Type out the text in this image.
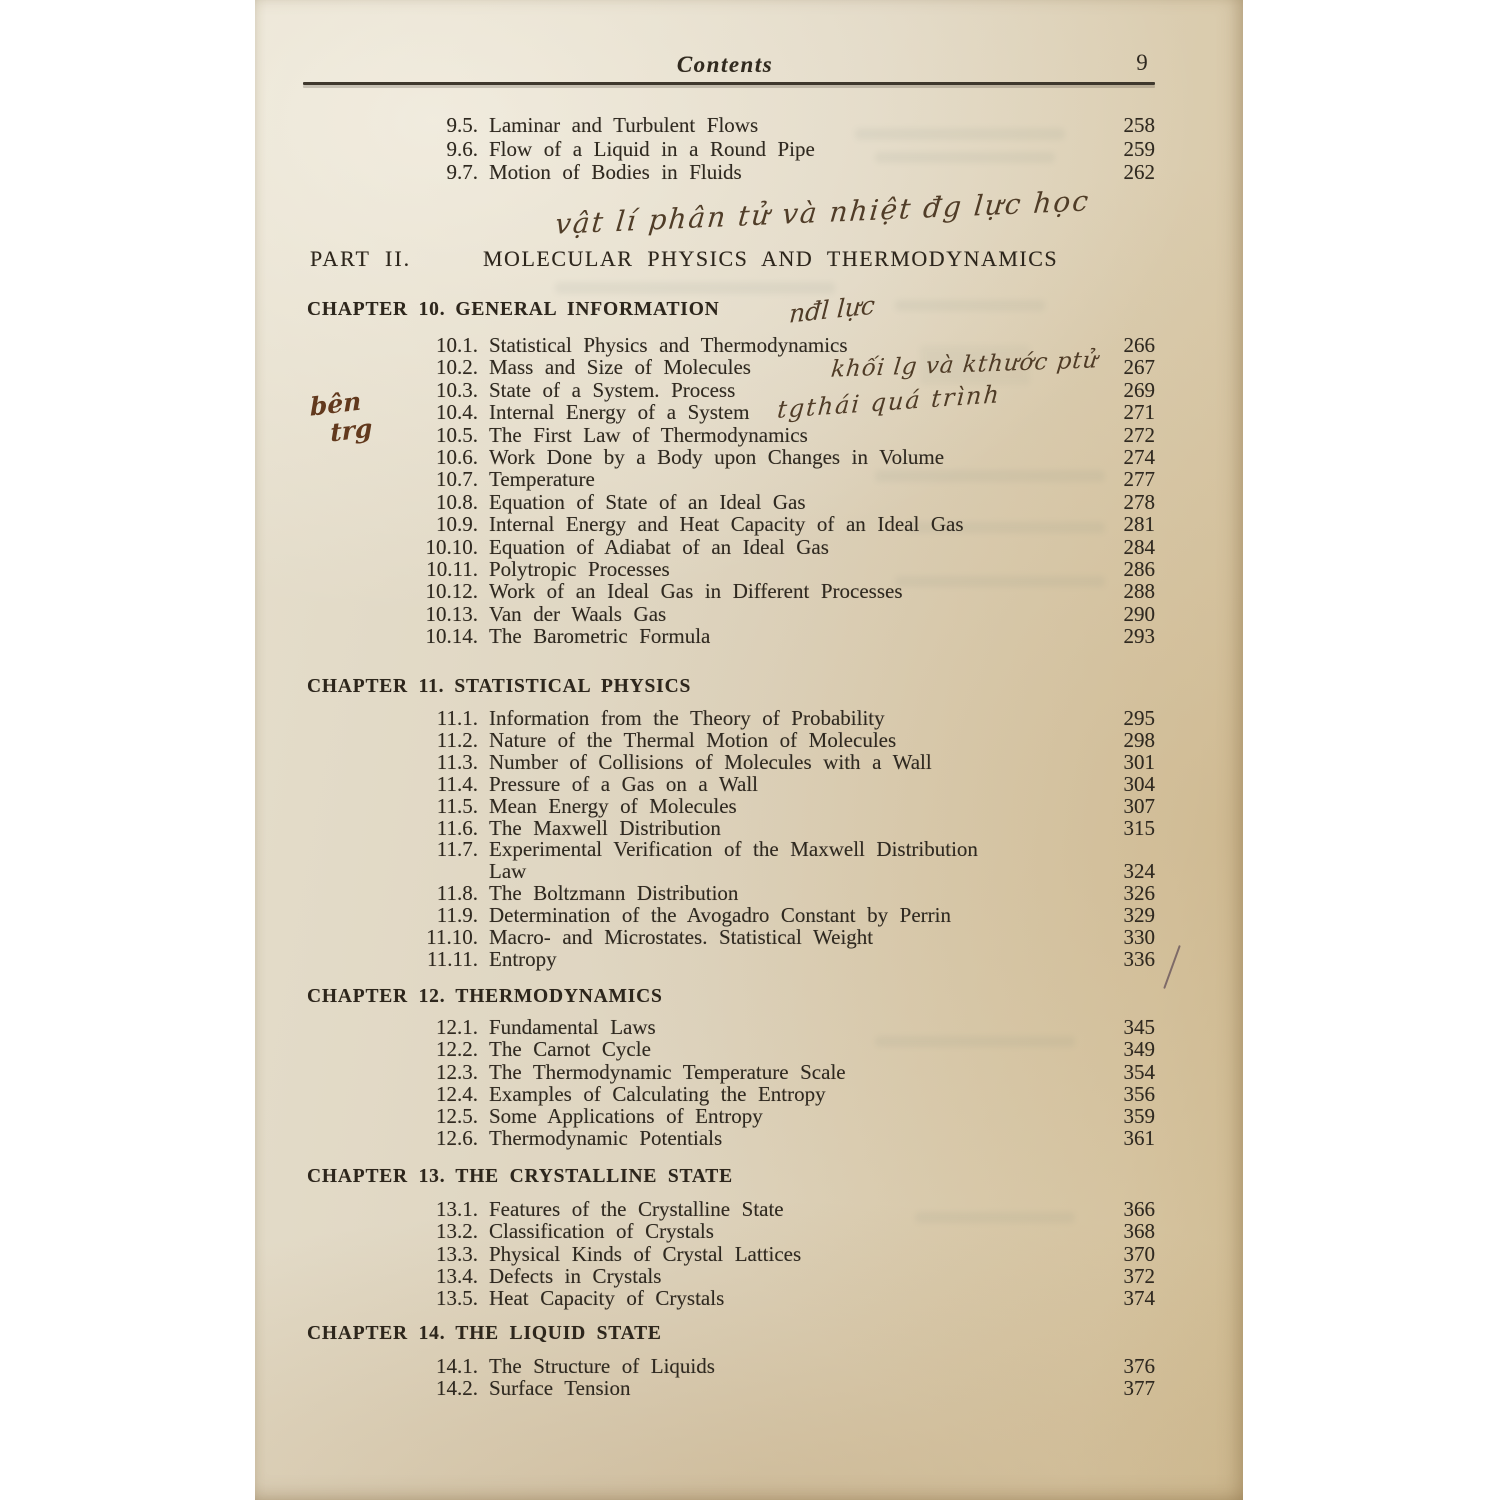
Contents	9
9.5. Laminar and Turbulent Flows	258
9.6. Flow of a Liquid in a Round Pipe	259
9.7. Motion of Bodies in Fluids	262
vật lí phân tử và nhiệt đg lực học
PART II.	MOLECULAR PHYSICS AND THERMODYNAMICS
CHAPTER 10. GENERAL INFORMATION
10.1. Statistical Physics and Thermodynamics	266
10.2. Mass and Size of Molecules	267
10.3. State of a System. Process	269
10.4. Internal Energy of a System	271
10.5. The First Law of Thermodynamics	272
10.6. Work Done by a Body upon Changes in Volume	274
10.7. Temperature	277
10.8. Equation of State of an Ideal Gas	278
10.9. Internal Energy and Heat Capacity of an Ideal Gas	281
10.10. Equation of Adiabat of an Ideal Gas	284
10.11. Polytropic Processes	286
10.12. Work of an Ideal Gas in Different Processes	288
10.13. Van der Waals Gas	290
10.14. The Barometric Formula	293
nđl lực
khối lg và kthước ptử
tgthái quá trình
bên
trg
CHAPTER 11. STATISTICAL PHYSICS
11.1. Information from the Theory of Probability	295
11.2. Nature of the Thermal Motion of Molecules	298
11.3. Number of Collisions of Molecules with a Wall	301
11.4. Pressure of a Gas on a Wall	304
11.5. Mean Energy of Molecules	307
11.6. The Maxwell Distribution	315
11.7. Experimental Verification of the Maxwell Distribution
Law	324
11.8. The Boltzmann Distribution	326
11.9. Determination of the Avogadro Constant by Perrin	329
11.10. Macro- and Microstates. Statistical Weight	330
11.11. Entropy	336
CHAPTER 12. THERMODYNAMICS
12.1. Fundamental Laws	345
12.2. The Carnot Cycle	349
12.3. The Thermodynamic Temperature Scale	354
12.4. Examples of Calculating the Entropy	356
12.5. Some Applications of Entropy	359
12.6. Thermodynamic Potentials	361
CHAPTER 13. THE CRYSTALLINE STATE
13.1. Features of the Crystalline State	366
13.2. Classification of Crystals	368
13.3. Physical Kinds of Crystal Lattices	370
13.4. Defects in Crystals	372
13.5. Heat Capacity of Crystals	374
CHAPTER 14. THE LIQUID STATE
14.1. The Structure of Liquids	376
14.2. Surface Tension	377
